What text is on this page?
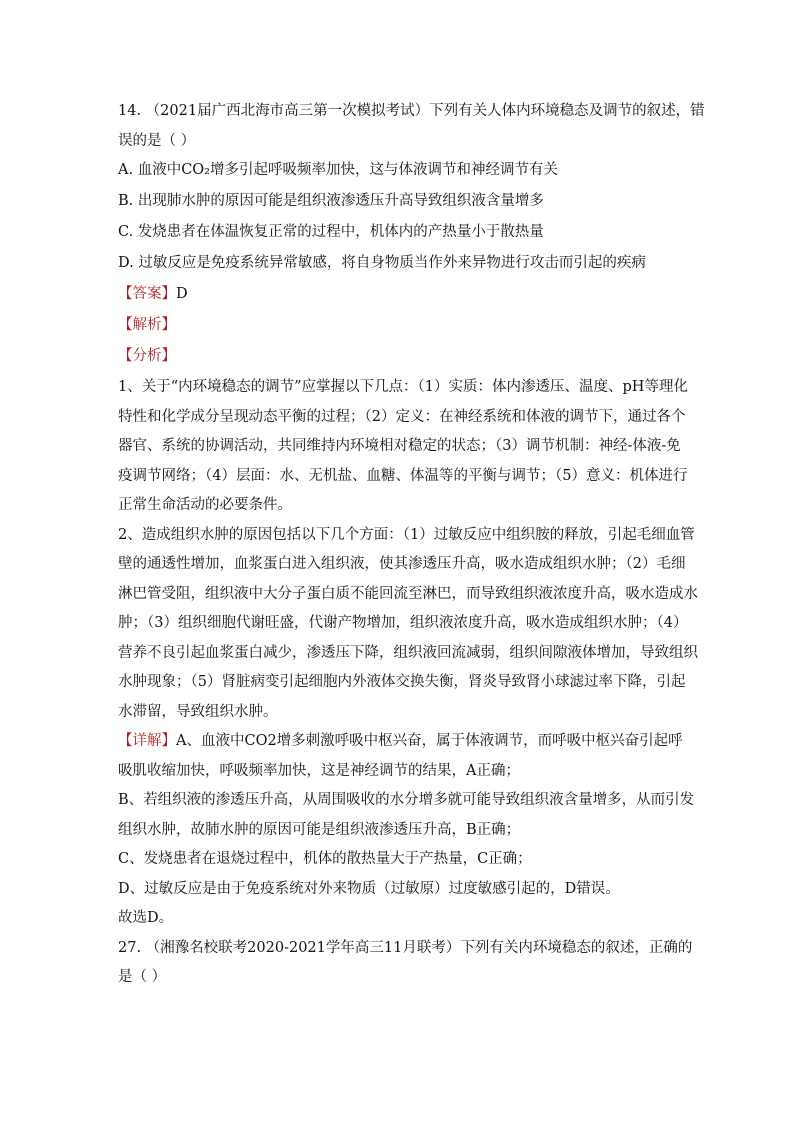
14. （2021届广西北海市高三第一次模拟考试）下列有关人体内环境稳态及调节的叙述，错
误的是（ ）
A. 血液中CO₂增多引起呼吸频率加快，这与体液调节和神经调节有关
B. 出现肺水肿的原因可能是组织液渗透压升高导致组织液含量增多
C. 发烧患者在体温恢复正常的过程中，机体内的产热量小于散热量
D. 过敏反应是免疫系统异常敏感，将自身物质当作外来异物进行攻击而引起的疾病
【答案】D
【解析】
【分析】
1、关于“内环境稳态的调节”应掌握以下几点：（1）实质：体内渗透压、温度、pH等理化
特性和化学成分呈现动态平衡的过程；（2）定义：在神经系统和体液的调节下，通过各个
器官、系统的协调活动，共同维持内环境相对稳定的状态；（3）调节机制：神经-体液-免
疫调节网络；（4）层面：水、无机盐、血糖、体温等的平衡与调节；（5）意义：机体进行
正常生命活动的必要条件。
2、造成组织水肿的原因包括以下几个方面：（1）过敏反应中组织胺的释放，引起毛细血管
壁的通透性增加，血浆蛋白进入组织液，使其渗透压升高，吸水造成组织水肿；（2）毛细
淋巴管受阻，组织液中大分子蛋白质不能回流至淋巴，而导致组织液浓度升高，吸水造成水
肿；（3）组织细胞代谢旺盛，代谢产物增加，组织液浓度升高，吸水造成组织水肿；（4）
营养不良引起血浆蛋白减少，渗透压下降，组织液回流减弱，组织间隙液体增加，导致组织
水肿现象；（5）肾脏病变引起细胞内外液体交换失衡，肾炎导致肾小球滤过率下降，引起
水滞留，导致组织水肿。
【详解】A、血液中CO2增多刺激呼吸中枢兴奋，属于体液调节，而呼吸中枢兴奋引起呼
吸肌收缩加快，呼吸频率加快，这是神经调节的结果，A正确；
B、若组织液的渗透压升高，从周围吸收的水分增多就可能导致组织液含量增多，从而引发
组织水肿，故肺水肿的原因可能是组织液渗透压升高，B正确；
C、发烧患者在退烧过程中，机体的散热量大于产热量，C正确；
D、过敏反应是由于免疫系统对外来物质（过敏原）过度敏感引起的，D错误。
故选D。
27. （湘豫名校联考2020-2021学年高三11月联考）下列有关内环境稳态的叙述，正确的
是（ ）
